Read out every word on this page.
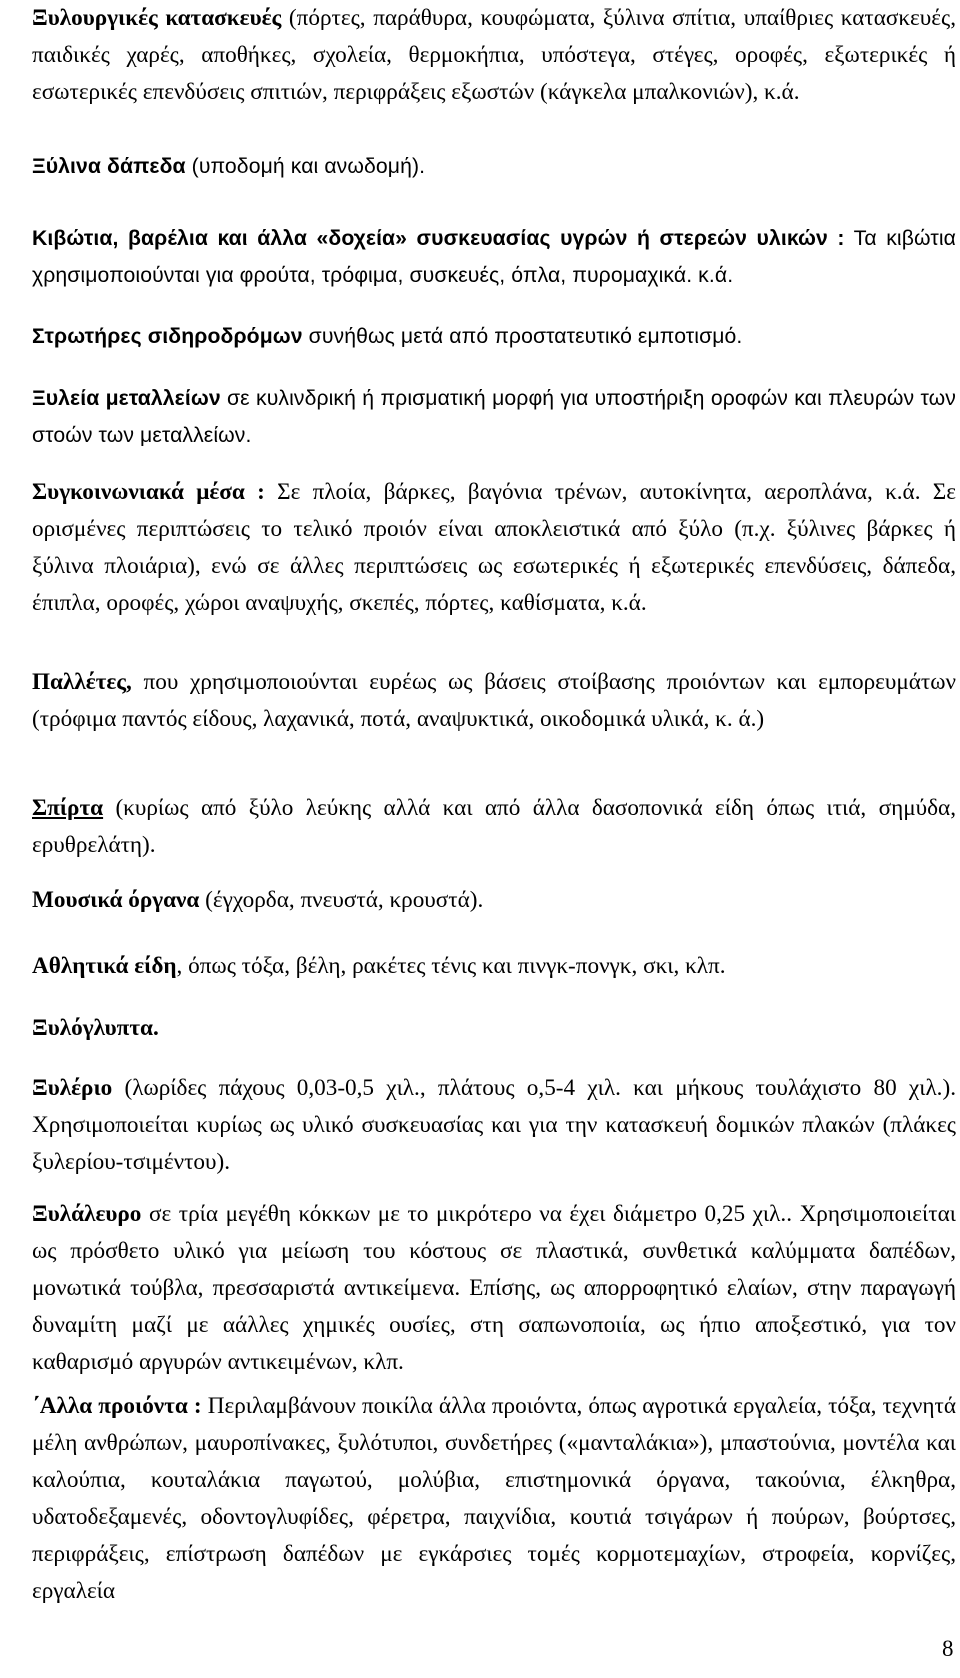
Ξυλουργικές κατασκευές (πόρτες, παράθυρα, κουφώματα, ξύλινα σπίτια, υπαίθριες κατασκευές, παιδικές χαρές, αποθήκες, σχολεία, θερμοκήπια, υπόστεγα, στέγες, οροφές, εξωτερικές ή εσωτερικές επενδύσεις σπιτιών, περιφράξεις εξωστών (κάγκελα μπαλκονιών), κ.ά.

Ξύλινα δάπεδα (υποδομή και ανωδομή).

Κιβώτια, βαρέλια και άλλα «δοχεία» συσκευασίας υγρών ή στερεών υλικών : Τα κιβώτια χρησιμοποιούνται για φρούτα, τρόφιμα, συσκευές, όπλα, πυρομαχικά. κ.ά.

Στρωτήρες σιδηροδρόμων συνήθως μετά από προστατευτικό εμποτισμό.

Ξυλεία μεταλλείων σε κυλινδρική ή πρισματική μορφή για υποστήριξη οροφών και πλευρών των στοών των μεταλλείων.

Συγκοινωνιακά μέσα : Σε πλοία, βάρκες, βαγόνια τρένων, αυτοκίνητα, αεροπλάνα, κ.ά. Σε ορισμένες περιπτώσεις το τελικό προιόν είναι αποκλειστικά από ξύλο (π.χ. ξύλινες βάρκες ή ξύλινα πλοιάρια), ενώ σε άλλες περιπτώσεις ως εσωτερικές ή εξωτερικές επενδύσεις, δάπεδα, έπιπλα, οροφές, χώροι αναψυχής, σκεπές, πόρτες, καθίσματα, κ.ά.

Παλλέτες, που χρησιμοποιούνται ευρέως ως βάσεις στοίβασης προιόντων και εμπορευμάτων (τρόφιμα παντός είδους, λαχανικά, ποτά, αναψυκτικά, οικοδομικά υλικά, κ. ά.)

Σπίρτα (κυρίως από ξύλο λεύκης αλλά και από άλλα δασοπονικά είδη όπως ιτιά, σημύδα, ερυθρελάτη).

Μουσικά όργανα (έγχορδα, πνευστά, κρουστά).

Αθλητικά είδη, όπως τόξα, βέλη, ρακέτες τένις και πινγκ-πονγκ, σκι, κλπ.

Ξυλόγλυπτα.

Ξυλέριο (λωρίδες πάχους 0,03-0,5 χιλ., πλάτους ο,5-4 χιλ. και μήκους τουλάχιστο 80 χιλ.). Χρησιμοποιείται κυρίως ως υλικό συσκευασίας και για την κατασκευή δομικών πλακών (πλάκες ξυλερίου-τσιμέντου).

Ξυλάλευρο σε τρία μεγέθη κόκκων με το μικρότερο να έχει διάμετρο 0,25 χιλ.. Χρησιμοποιείται ως πρόσθετο υλικό για μείωση του κόστους σε πλαστικά, συνθετικά καλύμματα δαπέδων, μονωτικά τούβλα, πρεσσαριστά αντικείμενα. Επίσης, ως απορροφητικό ελαίων, στην παραγωγή δυναμίτη μαζί με αάλλες χημικές ουσίες, στη σαπωνοποιία, ως ήπιο αποξεστικό, για τον καθαρισμό αργυρών αντικειμένων, κλπ.

΄Αλλα προιόντα : Περιλαμβάνουν ποικίλα άλλα προιόντα, όπως αγροτικά εργαλεία, τόξα, τεχνητά μέλη ανθρώπων, μαυροπίνακες, ξυλότυποι, συνδετήρες («μανταλάκια»), μπαστούνια, μοντέλα και καλούπια, κουταλάκια παγωτού, μολύβια, επιστημονικά όργανα, τακούνια, έλκηθρα, υδατοδεξαμενές, οδοντογλυφίδες, φέρετρα, παιχνίδια, κουτιά τσιγάρων ή πούρων, βούρτσες, περιφράξεις, επίστρωση δαπέδων με εγκάρσιες τομές κορμοτεμαχίων, στροφεία, κορνίζες, εργαλεία

8
